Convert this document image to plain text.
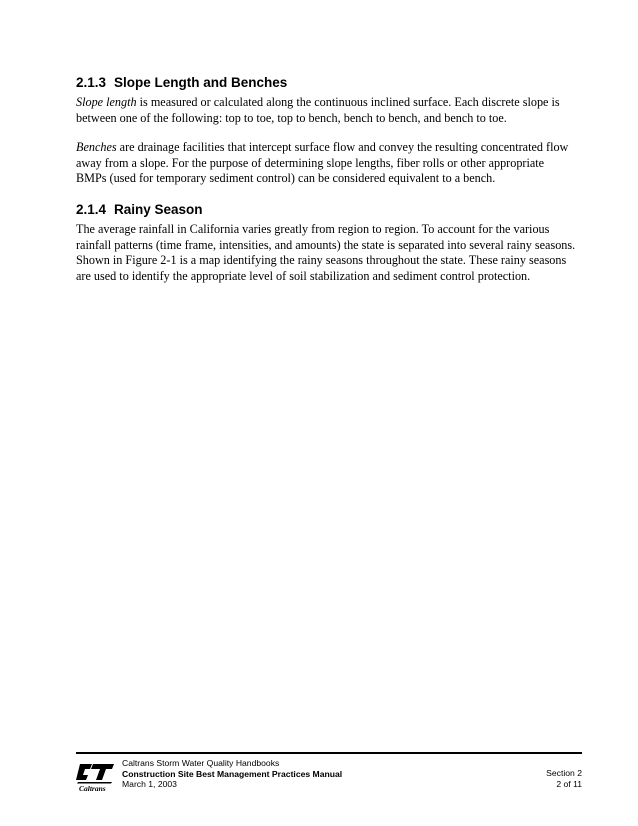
2.1.3 Slope Length and Benches

Slope length is measured or calculated along the continuous inclined surface. Each discrete slope is between one of the following: top to toe, top to bench, bench to bench, and bench to toe.

Benches are drainage facilities that intercept surface flow and convey the resulting concentrated flow away from a slope. For the purpose of determining slope lengths, fiber rolls or other appropriate BMPs (used for temporary sediment control) can be considered equivalent to a bench.

2.1.4 Rainy Season

The average rainfall in California varies greatly from region to region. To account for the various rainfall patterns (time frame, intensities, and amounts) the state is separated into several rainy seasons. Shown in Figure 2-1 is a map identifying the rainy seasons throughout the state. These rainy seasons are used to identify the appropriate level of soil stabilization and sediment control protection.

Caltrans
Caltrans Storm Water Quality Handbooks
Construction Site Best Management Practices Manual
March 1, 2003
Section 2
2 of 11
